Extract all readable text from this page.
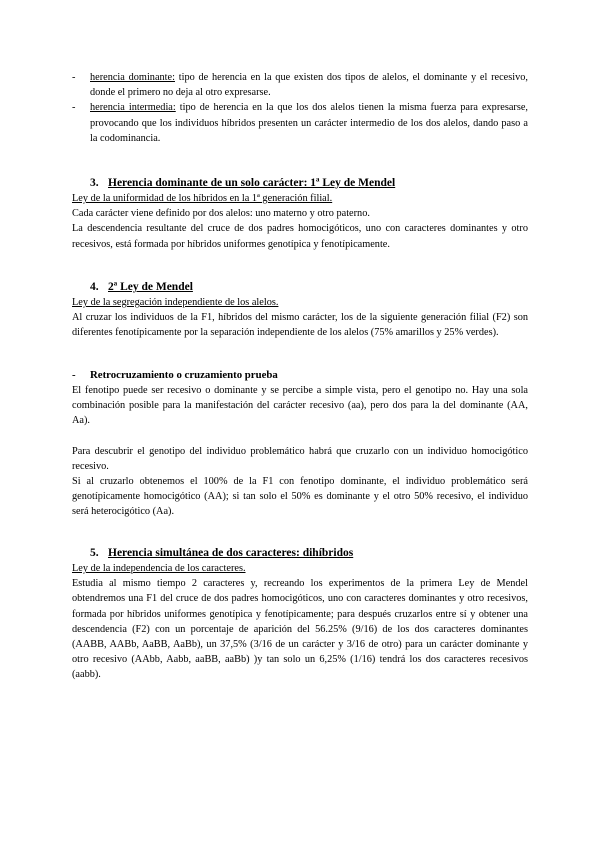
- herencia dominante: tipo de herencia en la que existen dos tipos de alelos, el dominante y el recesivo, donde el primero no deja al otro expresarse.
- herencia intermedia: tipo de herencia en la que los dos alelos tienen la misma fuerza para expresarse, provocando que los individuos híbridos presenten un carácter intermedio de los dos alelos, dando paso a la codominancia.
3. Herencia dominante de un solo carácter: 1ª Ley de Mendel

Ley de la uniformidad de los híbridos en la 1ª generación filial.

Cada carácter viene definido por dos alelos: uno materno y otro paterno.

La descendencia resultante del cruce de dos padres homocigóticos, uno con caracteres dominantes y otro recesivos, está formada por híbridos uniformes genotípica y fenotípicamente.

4. 2ª Ley de Mendel

Ley de la segregación independiente de los alelos.

Al cruzar los individuos de la F1, híbridos del mismo carácter, los de la siguiente generación filial (F2) son diferentes fenotípicamente por la separación independiente de los alelos (75% amarillos y 25% verdes).

- Retrocruzamiento o cruzamiento prueba

El fenotipo puede ser recesivo o dominante y se percibe a simple vista, pero el genotipo no. Hay una sola combinación posible para la manifestación del carácter recesivo (aa), pero dos para la del dominante (AA, Aa).

Para descubrir el genotipo del individuo problemático habrá que cruzarlo con un individuo homocigótico recesivo.

Si al cruzarlo obtenemos el 100% de la F1 con fenotipo dominante, el individuo problemático será genotípicamente homocigótico (AA); si tan solo el 50% es dominante y el otro 50% recesivo, el individuo será heterocigótico (Aa).

5. Herencia simultánea de dos caracteres: dihíbridos

Ley de la independencia de los caracteres.

Estudia al mismo tiempo 2 caracteres y, recreando los experimentos de la primera Ley de Mendel obtendremos una F1 del cruce de dos padres homocigóticos, uno con caracteres dominantes y otro recesivos, formada por híbridos uniformes genotípica y fenotípicamente; para después cruzarlos entre sí y obtener una descendencia (F2) con un porcentaje de aparición del 56.25% (9/16) de los dos caracteres dominantes (AABB, AABb, AaBB, AaBb), un 37,5% (3/16 de un carácter y 3/16 de otro) para un carácter dominante y otro recesivo (AAbb, Aabb, aaBB, aaBb) )y tan solo un 6,25% (1/16) tendrá los dos caracteres recesivos (aabb).
